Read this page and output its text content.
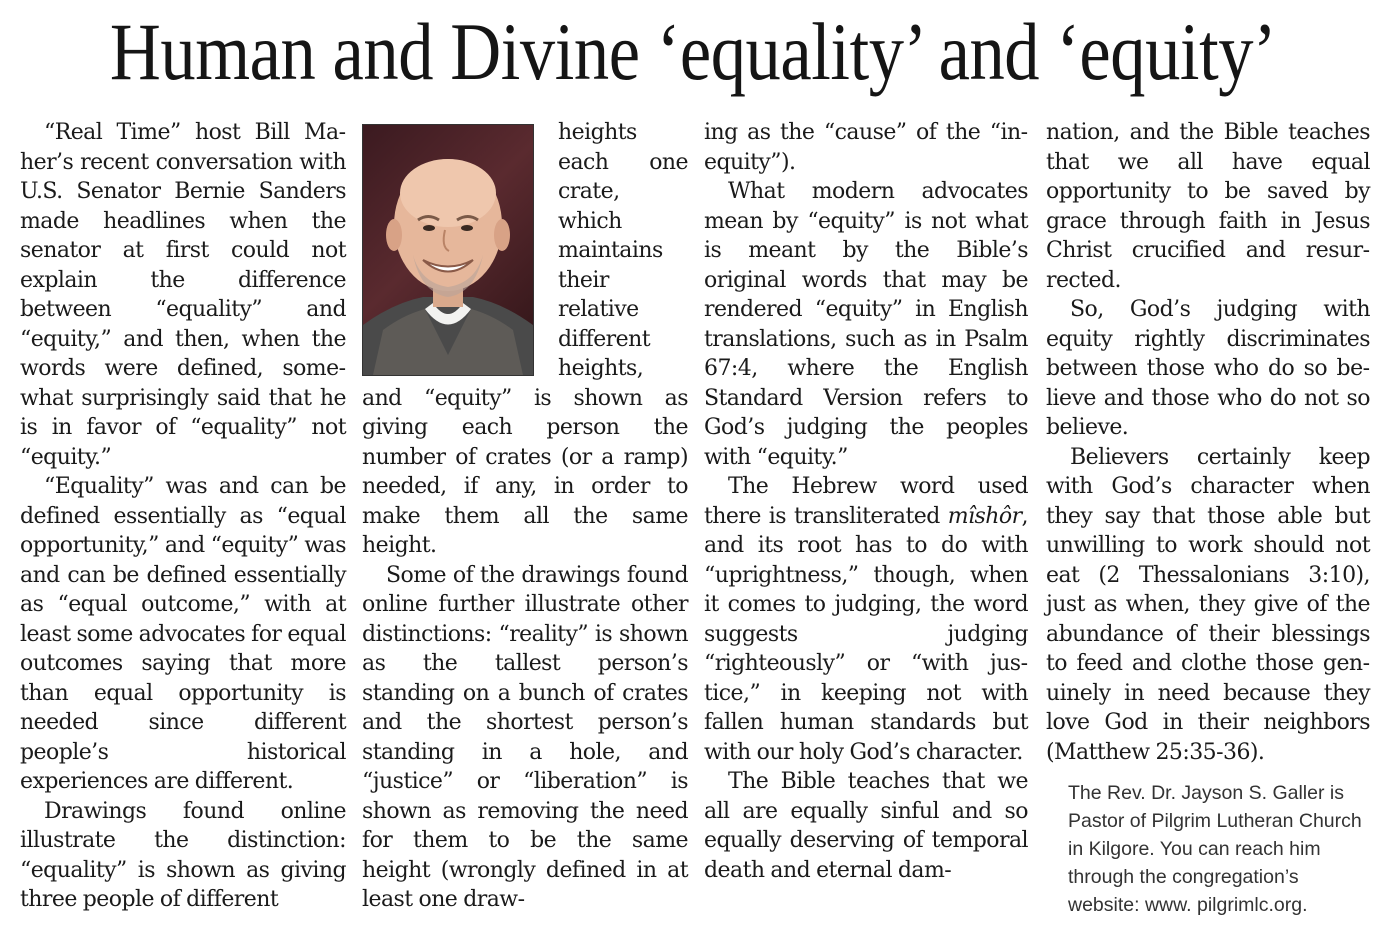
Human and Divine ‘equality’ and ‘equity’

“Real Time” host Bill Maher’s recent conversation with U.S. Senator Bernie Sanders made headlines when the senator at first could not explain the difference between “equality” and “equity,” and then, when the words were defined, somewhat surprisingly said that he is in favor of “equality” not “equity.”

“Equality” was and can be defined essentially as “equal opportunity,” and “equity” was and can be defined essentially as “equal outcome,” with at least some advocates for equal outcomes saying that more than equal opportunity is needed since different people’s historical experiences are different.

Drawings found online illustrate the distinction: “equality” is shown as giving three people of different

heights each one crate, which maintains their relative different heights, and “equity” is shown as giving each person the number of crates (or a ramp) needed, if any, in order to make them all the same height.

Some of the drawings found online further illustrate other distinctions: “reality” is shown as the tallest person’s standing on a bunch of crates and the shortest person’s standing in a hole, and “justice” or “liberation” is shown as removing the need for them to be the same height (wrongly defined in at least one draw-

ing as the “cause” of the “inequity”).

What modern advocates mean by “equity” is not what is meant by the Bible’s original words that may be rendered “equity” in English translations, such as in Psalm 67:4, where the English Standard Version refers to God’s judging the peoples with “equity.”

The Hebrew word used there is transliterated mîshôr, and its root has to do with “uprightness,” though, when it comes to judging, the word suggests judging “righteously” or “with justice,” in keeping not with fallen human standards but with our holy God’s character.

The Bible teaches that we all are equally sinful and so equally deserving of temporal death and eternal dam-

nation, and the Bible teaches that we all have equal opportunity to be saved by grace through faith in Jesus Christ crucified and resurrected.

So, God’s judging with equity rightly discriminates between those who do so believe and those who do not so believe.

Believers certainly keep with God’s character when they say that those able but unwilling to work should not eat (2 Thessalonians 3:10), just as when, they give of the abundance of their blessings to feed and clothe those genuinely in need because they love God in their neighbors (Matthew 25:35-36).

The Rev. Dr. Jayson S. Galler is Pastor of Pilgrim Lutheran Church in Kilgore. You can reach him through the congregation’s website: www. pilgrimlc.org.
